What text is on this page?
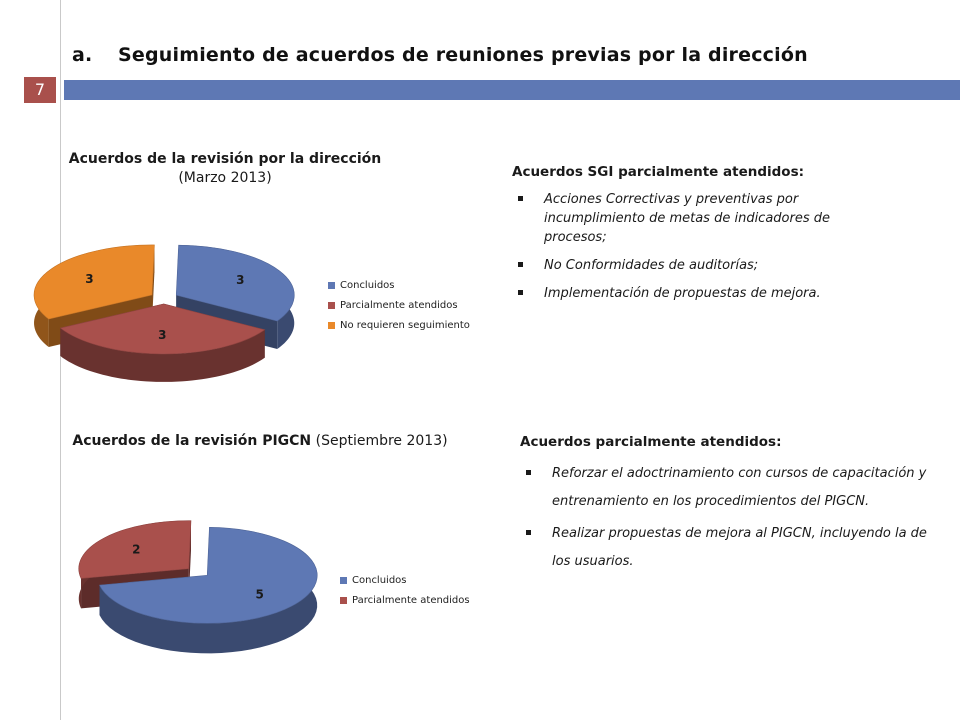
a. Seguimiento de acuerdos de reuniones previas por la dirección
7
Acuerdos de la revisión por la dirección
(Marzo 2013)
3
3
3	Concluidos
Parcialmente atendidos
No requieren seguimiento
Acuerdos de la revisión PIGCN (Septiembre 2013)
5
2
Concluidos
Parcialmente atendidos
Acuerdos SGI parcialmente atendidos:
Acciones Correctivas y preventivas por incumplimiento de metas de indicadores de procesos;
No Conformidades de auditorías;
Implementación de propuestas de mejora.
Acuerdos parcialmente atendidos:
Reforzar el adoctrinamiento con cursos de capacitación y entrenamiento en los procedimientos del PIGCN.
Realizar propuestas de mejora al PIGCN, incluyendo la de los usuarios.
